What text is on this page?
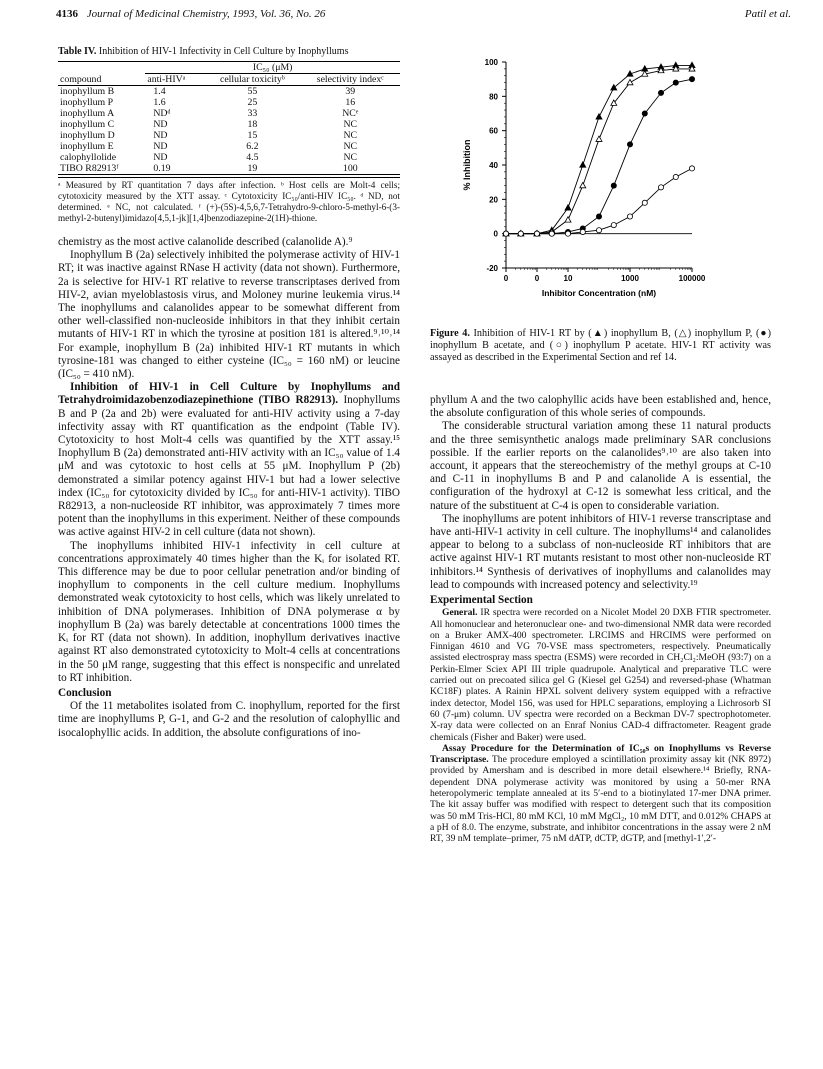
4136 Journal of Medicinal Chemistry, 1993, Vol. 36, No. 26	Patil et al.
Table IV. Inhibition of HIV-1 Infectivity in Cell Culture by Inophyllums
	IC₅₀ (μM)		
compound	anti-HIVᵃ	cellular toxicityᵇ	selectivity indexᶜ
inophyllum B	1.4	55	39
inophyllum P	1.6	25	16
inophyllum A	NDᵈ	33	NCᵉ
inophyllum C	ND	18	NC
inophyllum D	ND	15	NC
inophyllum E	ND	6.2	NC
calophyllolide	ND	4.5	NC
TIBO R82913ᶠ	0.19	19	100
ᵃ Measured by RT quantitation 7 days after infection. ᵇ Host cells are Molt-4 cells; cytotoxicity measured by the XTT assay. ᶜ Cytotoxicity IC₅₀/anti-HIV IC₅₀. ᵈ ND, not determined. ᵉ NC, not calculated. ᶠ (+)-(5S)-4,5,6,7-Tetrahydro-9-chloro-5-methyl-6-(3-methyl-2-butenyl)imidazo[4,5,1-jk][1,4]benzodiazepine-2(1H)-thione.

chemistry as the most active calanolide described (calanolide A).⁹

Inophyllum B (2a) selectively inhibited the polymerase activity of HIV-1 RT; it was inactive against RNase H activity (data not shown). Furthermore, 2a is selective for HIV-1 RT relative to reverse transcriptases derived from HIV-2, avian myeloblastosis virus, and Moloney murine leukemia virus.¹⁴ The inophyllums and calanolides appear to be somewhat different from other well-classified non-nucleoside inhibitors in that they inhibit certain mutants of HIV-1 RT in which the tyrosine at position 181 is altered.⁹˒¹⁰˒¹⁴ For example, inophyllum B (2a) inhibited HIV-1 RT mutants in which tyrosine-181 was changed to either cysteine (IC₅₀ = 160 nM) or leucine (IC₅₀ = 410 nM).

Inhibition of HIV-1 in Cell Culture by Inophyllums and Tetrahydroimidazobenzodiazepinethione (TIBO R82913). Inophyllums B and P (2a and 2b) were evaluated for anti-HIV activity using a 7-day infectivity assay with RT quantification as the endpoint (Table IV). Cytotoxicity to host Molt-4 cells was quantified by the XTT assay.¹⁵ Inophyllum B (2a) demonstrated anti-HIV activity with an IC₅₀ value of 1.4 μM and was cytotoxic to host cells at 55 μM. Inophyllum P (2b) demonstrated a similar potency against HIV-1 but had a lower selective index (IC₅₀ for cytotoxicity divided by IC₅₀ for anti-HIV-1 activity). TIBO R82913, a non-nucleoside RT inhibitor, was approximately 7 times more potent than the inophyllums in this experiment. Neither of these compounds was active against HIV-2 in cell culture (data not shown).

The inophyllums inhibited HIV-1 infectivity in cell culture at concentrations approximately 40 times higher than the Kᵢ for isolated RT. This difference may be due to poor cellular penetration and/or binding of inophyllum to components in the cell culture medium. Inophyllums demonstrated weak cytotoxicity to host cells, which was likely unrelated to inhibition of DNA polymerases. Inhibition of DNA polymerase α by inophyllum B (2a) was barely detectable at concentrations 1000 times the Kᵢ for RT (data not shown). In addition, inophyllum derivatives inactive against RT also demonstrated cytotoxicity to Molt-4 cells at concentrations in the 50 μM range, suggesting that this effect is nonspecific and unrelated to RT inhibition.

Conclusion

Of the 11 metabolites isolated from C. inophyllum, reported for the first time are inophyllums P, G-1, and G-2 and the resolution of calophyllic and isocalophyllic acids. In addition, the absolute configurations of ino-

100
80
60
40
20
0
-20
0	0	10	1000	100000
% Inhibition
Inhibitor Concentration (nM)
Figure 4. Inhibition of HIV-1 RT by (▲) inophyllum B, (△) inophyllum P, (●) inophyllum B acetate, and (○) inophyllum P acetate. HIV-1 RT activity was assayed as described in the Experimental Section and ref 14.

phyllum A and the two calophyllic acids have been established and, hence, the absolute configuration of this whole series of compounds.

The considerable structural variation among these 11 natural products and the three semisynthetic analogs made preliminary SAR conclusions possible. If the earlier reports on the calanolides⁹˒¹⁰ are also taken into account, it appears that the stereochemistry of the methyl groups at C-10 and C-11 in inophyllums B and P and calanolide A is essential, the configuration of the hydroxyl at C-12 is somewhat less critical, and the nature of the substituent at C-4 is open to considerable variation.

The inophyllums are potent inhibitors of HIV-1 reverse transcriptase and have anti-HIV-1 activity in cell culture. The inophyllums¹⁴ and calanolides appear to belong to a subclass of non-nucleoside RT inhibitors that are active against HIV-1 RT mutants resistant to most other non-nucleoside RT inhibitors.¹⁴ Synthesis of derivatives of inophyllums and calanolides may lead to compounds with increased potency and selectivity.¹⁹

Experimental Section

General. IR spectra were recorded on a Nicolet Model 20 DXB FTIR spectrometer. All homonuclear and heteronuclear one- and two-dimensional NMR data were recorded on a Bruker AMX-400 spectrometer. LRCIMS and HRCIMS were performed on Finnigan 4610 and VG 70-VSE mass spectrometers, respectively. Pneumatically assisted electrospray mass spectra (ESMS) were recorded in CH₂Cl₂:MeOH (93:7) on a Perkin-Elmer Sciex API III triple quadrupole. Analytical and preparative TLC were carried out on precoated silica gel G (Kiesel gel G254) and reversed-phase (Whatman KC18F) plates. A Rainin HPXL solvent delivery system equipped with a refractive index detector, Model 156, was used for HPLC separations, employing a Lichrosorb SI 60 (7-μm) column. UV spectra were recorded on a Beckman DV-7 spectrophotometer. X-ray data were collected on an Enraf Nonius CAD-4 diffractometer. Reagent grade chemicals (Fisher and Baker) were used.

Assay Procedure for the Determination of IC₅₀s on Inophyllums vs Reverse Transcriptase. The procedure employed a scintillation proximity assay kit (NK 8972) provided by Amersham and is described in more detail elsewhere.¹⁴ Briefly, RNA-dependent DNA polymerase activity was monitored by using a 50-mer RNA heteropolymeric template annealed at its 5′-end to a biotinylated 17-mer DNA primer. The kit assay buffer was modified with respect to detergent such that its composition was 50 mM Tris-HCl, 80 mM KCl, 10 mM MgCl₂, 10 mM DTT, and 0.012% CHAPS at a pH of 8.0. The enzyme, substrate, and inhibitor concentrations in the assay were 2 nM RT, 39 nM template–primer, 75 nM dATP, dCTP, dGTP, and [methyl-1′,2′-
